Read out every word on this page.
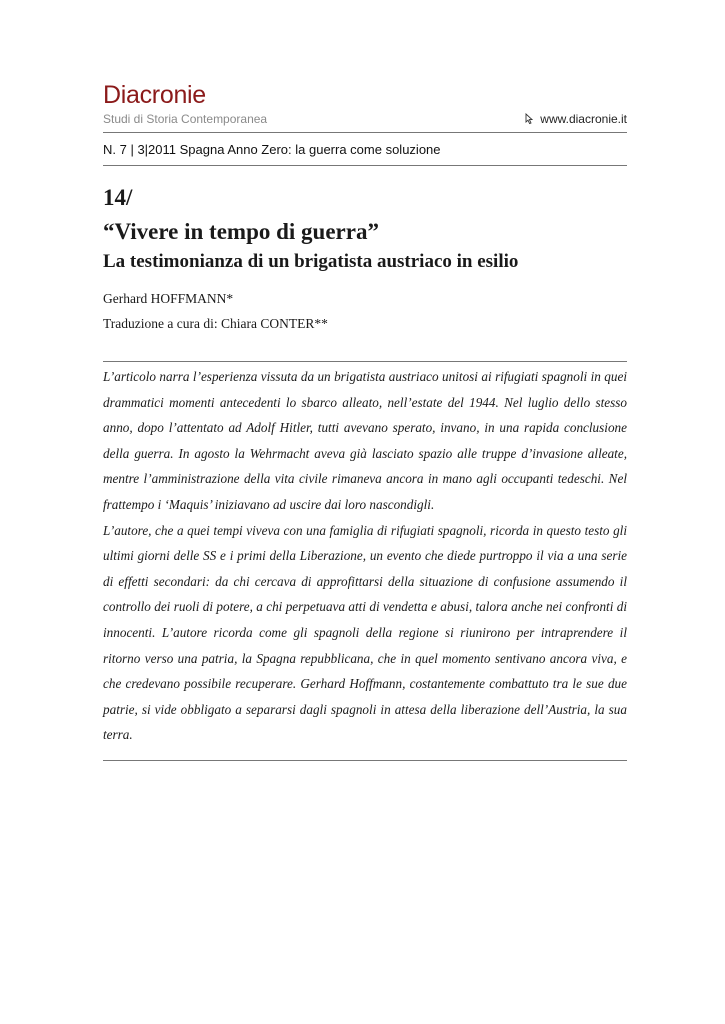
Diacronie
Studi di Storia Contemporanea	www.diacronie.it
N. 7 | 3|2011 Spagna Anno Zero: la guerra come soluzione
14/
“Vivere in tempo di guerra”
La testimonianza di un brigatista austriaco in esilio
Gerhard HOFFMANN*
Traduzione a cura di: Chiara CONTER**

L’articolo narra l’esperienza vissuta da un brigatista austriaco unitosi ai rifugiati spagnoli in quei drammatici momenti antecedenti lo sbarco alleato, nell’estate del 1944. Nel luglio dello stesso anno, dopo l’attentato ad Adolf Hitler, tutti avevano sperato, invano, in una rapida conclusione della guerra. In agosto la Wehrmacht aveva già lasciato spazio alle truppe d’invasione alleate, mentre l’amministrazione della vita civile rimaneva ancora in mano agli occupanti tedeschi. Nel frattempo i ‘Maquis’ iniziavano ad uscire dai loro nascondigli.

L’autore, che a quei tempi viveva con una famiglia di rifugiati spagnoli, ricorda in questo testo gli ultimi giorni delle SS e i primi della Liberazione, un evento che diede purtroppo il via a una serie di effetti secondari: da chi cercava di approfittarsi della situazione di confusione assumendo il controllo dei ruoli di potere, a chi perpetuava atti di vendetta e abusi, talora anche nei confronti di innocenti. L’autore ricorda come gli spagnoli della regione si riunirono per intraprendere il ritorno verso una patria, la Spagna repubblicana, che in quel momento sentivano ancora viva, e che credevano possibile recuperare. Gerhard Hoffmann, costantemente combattuto tra le sue due patrie, si vide obbligato a separarsi dagli spagnoli in attesa della liberazione dell’Austria, la sua terra.
